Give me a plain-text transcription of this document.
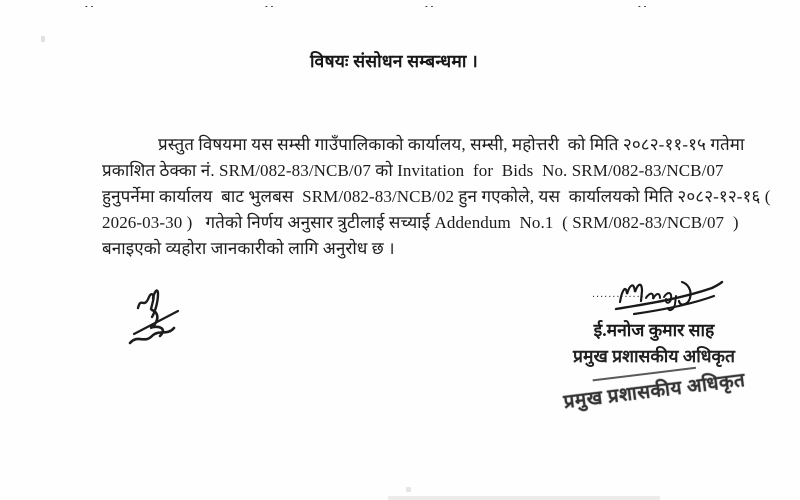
विषयः संसोधन सम्बन्धमा ।
प्रस्तुत विषयमा यस सम्सी गाउँपालिकाको कार्यालय, सम्सी, महोत्तरी  को मिति २०८२-११-१५ गतेमा
प्रकाशित ठेक्का नं. SRM/082-83/NCB/07 को Invitation  for  Bids  No. SRM/082-83/NCB/07
हुनुपर्नेमा कार्यालय  बाट भुलबस  SRM/082-83/NCB/02 हुन गएकोले, यस  कार्यालयको मिति २०८२-१२-१६ (
2026-03-30 )   गतेको निर्णय अनुसार त्रुटीलाई सच्याई Addendum  No.1  ( SRM/082-83/NCB/07  )
बनाइएको व्यहोरा जानकारीको लागि अनुरोध छ ।
..............
ई.मनोज कुमार साह
प्रमुख प्रशासकीय अधिकृत
प्रमुख प्रशासकीय अधिकृत
